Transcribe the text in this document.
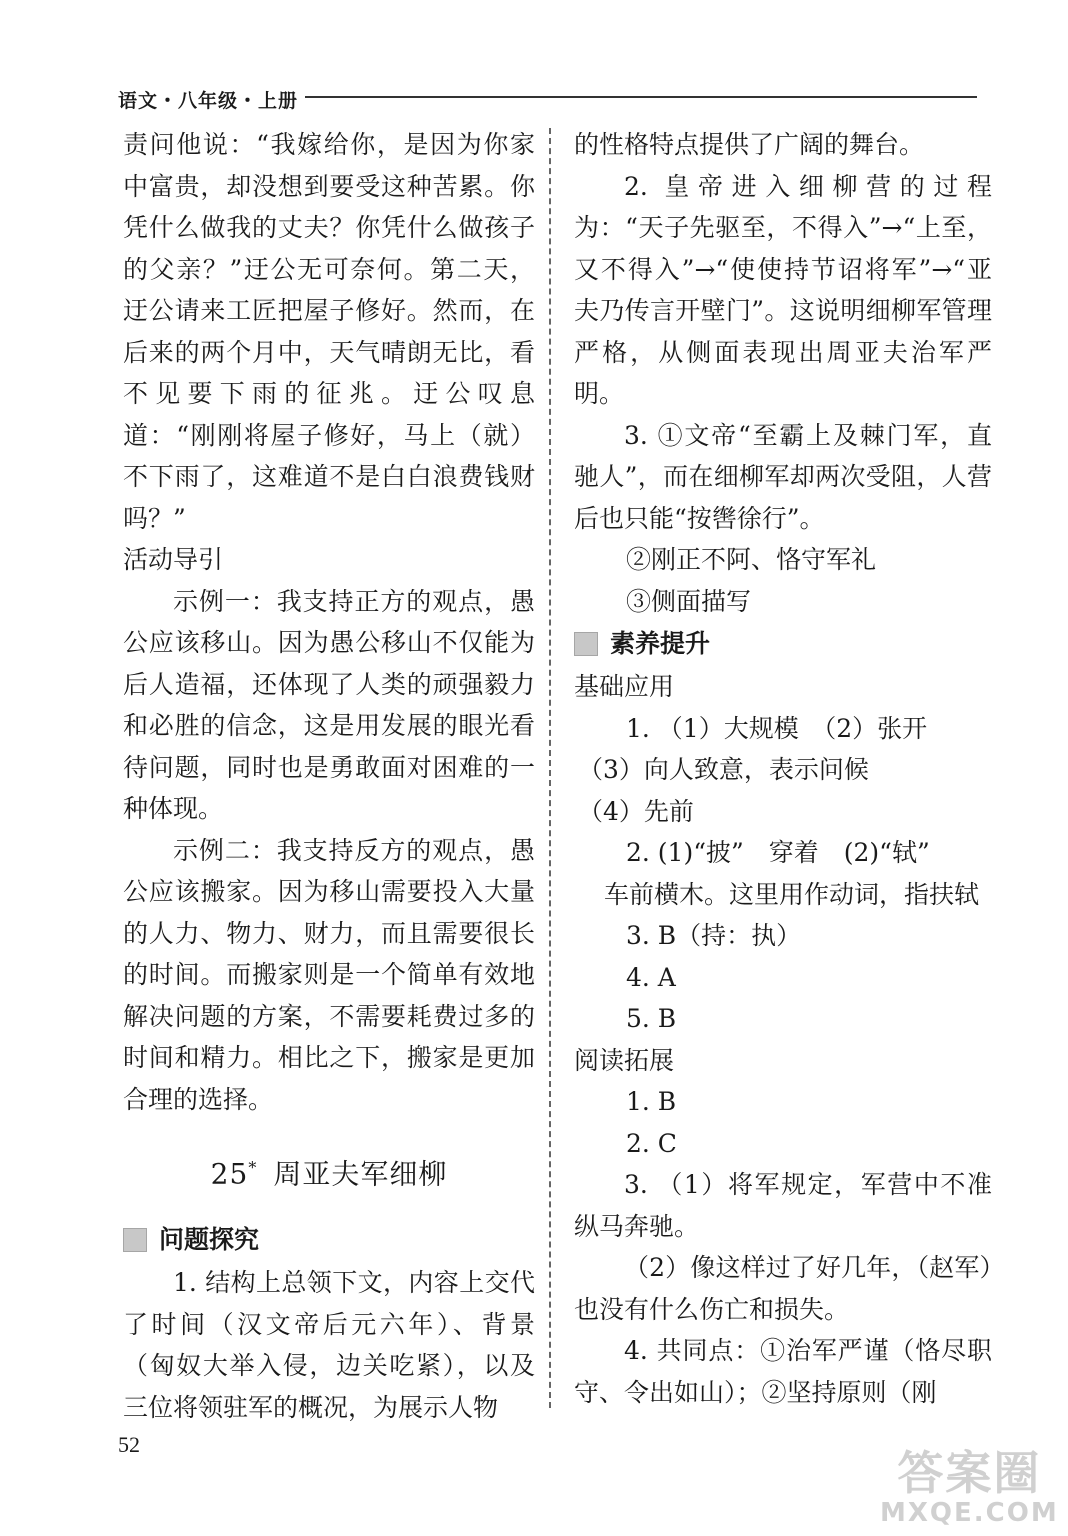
语文・八年级・上册

责问他说：“我嫁给你，是因为你家中富贵，却没想到要受这种苦累。你凭什么做我的丈夫？你凭什么做孩子的父亲？”迂公无可奈何。第二天，迂公请来工匠把屋子修好。然而，在后来的两个月中，天气晴朗无比，看不见要下雨的征兆。迂公叹息道：“刚刚将屋子修好，马上（就）不下雨了，这难道不是白白浪费钱财吗？”

活动导引

示例一：我支持正方的观点，愚公应该移山。因为愚公移山不仅能为后人造福，还体现了人类的顽强毅力和必胜的信念，这是用发展的眼光看待问题，同时也是勇敢面对困难的一种体现。

示例二：我支持反方的观点，愚公应该搬家。因为移山需要投入大量的人力、物力、财力，而且需要很长的时间。而搬家则是一个简单有效地解决问题的方案，不需要耗费过多的时间和精力。相比之下，搬家是更加合理的选择。

25* 周亚夫军细柳
问题探究

1. 结构上总领下文，内容上交代了时间（汉文帝后元六年）、背景（匈奴大举入侵，边关吃紧），以及三位将领驻军的概况，为展示人物

的性格特点提供了广阔的舞台。

2. 皇帝进入细柳营的过程为：“天子先驱至，不得入”→“上至，又不得入”→“使使持节诏将军”→“亚夫乃传言开壁门”。这说明细柳军管理严格，从侧面表现出周亚夫治军严明。

3. ①文帝“至霸上及棘门军，直驰人”，而在细柳军却两次受阻，人营后也只能“按辔徐行”。

②刚正不阿、恪守军礼

③侧面描写

素养提升

基础应用

1. （1）大规模　（2）张开

（3）向人致意，表示问候

（4）先前

2. (1)“披”　穿着　(2)“轼”

车前横木。这里用作动词，指扶轼

3. B（持：执）

4. A

5. B

阅读拓展

1. B

2. C

3. （1）将军规定，军营中不准纵马奔驰。

（2）像这样过了好几年，（赵军）也没有什么伤亡和损失。

4. 共同点：①治军严谨（恪尽职守、令出如山）；②坚持原则（刚

52
答案圈
MXQE.COM
